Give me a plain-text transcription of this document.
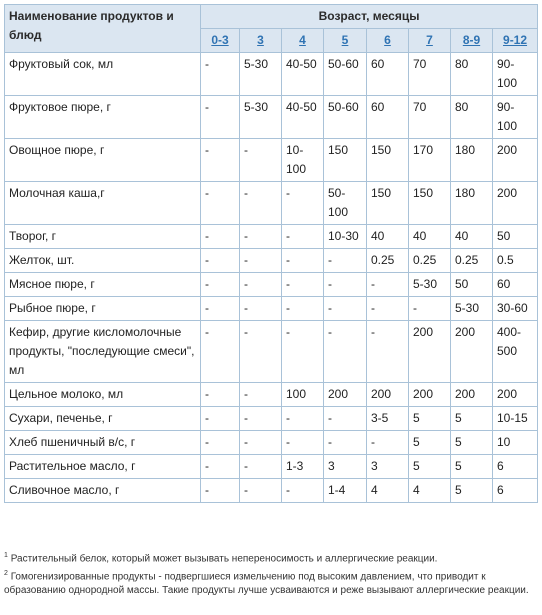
Наименование продуктов и блюд	Возраст, месяцы							
	0-3	3	4	5	6	7	8-9	9-12
Фруктовый сок, мл	-	5-30	40-50	50-60	60	70	80	90-100
Фруктовое пюре, г	-	5-30	40-50	50-60	60	70	80	90-100
Овощное пюре, г	-	-	10-100	150	150	170	180	200
Молочная каша,г	-	-	-	50-100	150	150	180	200
Творог, г	-	-	-	10-30	40	40	40	50
Желток, шт.	-	-	-	-	0.25	0.25	0.25	0.5
Мясное пюре, г	-	-	-	-	-	5-30	50	60
Рыбное пюре, г	-	-	-	-	-	-	5-30	30-60
Кефир, другие кисломолочные продукты, "последующие смеси", мл	-	-	-	-	-	200	200	400-500
Цельное молоко, мл	-	-	100	200	200	200	200	200
Сухари, печенье, г	-	-	-	-	3-5	5	5	10-15
Хлеб пшеничный в/с, г	-	-	-	-	-	5	5	10
Растительное масло, г	-	-	1-3	3	3	5	5	6
Сливочное масло, г	-	-	-	1-4	4	4	5	6

$^1$ Растительный белок, который может вызывать непереносимость и аллергические реакции.

$^2$ Гомогенизированные продукты - подвергшиеся измельчению под высоким давлением, что приводит к образованию однородной массы. Такие продукты лучше усваиваются и реже вызывают аллергические реакции.
